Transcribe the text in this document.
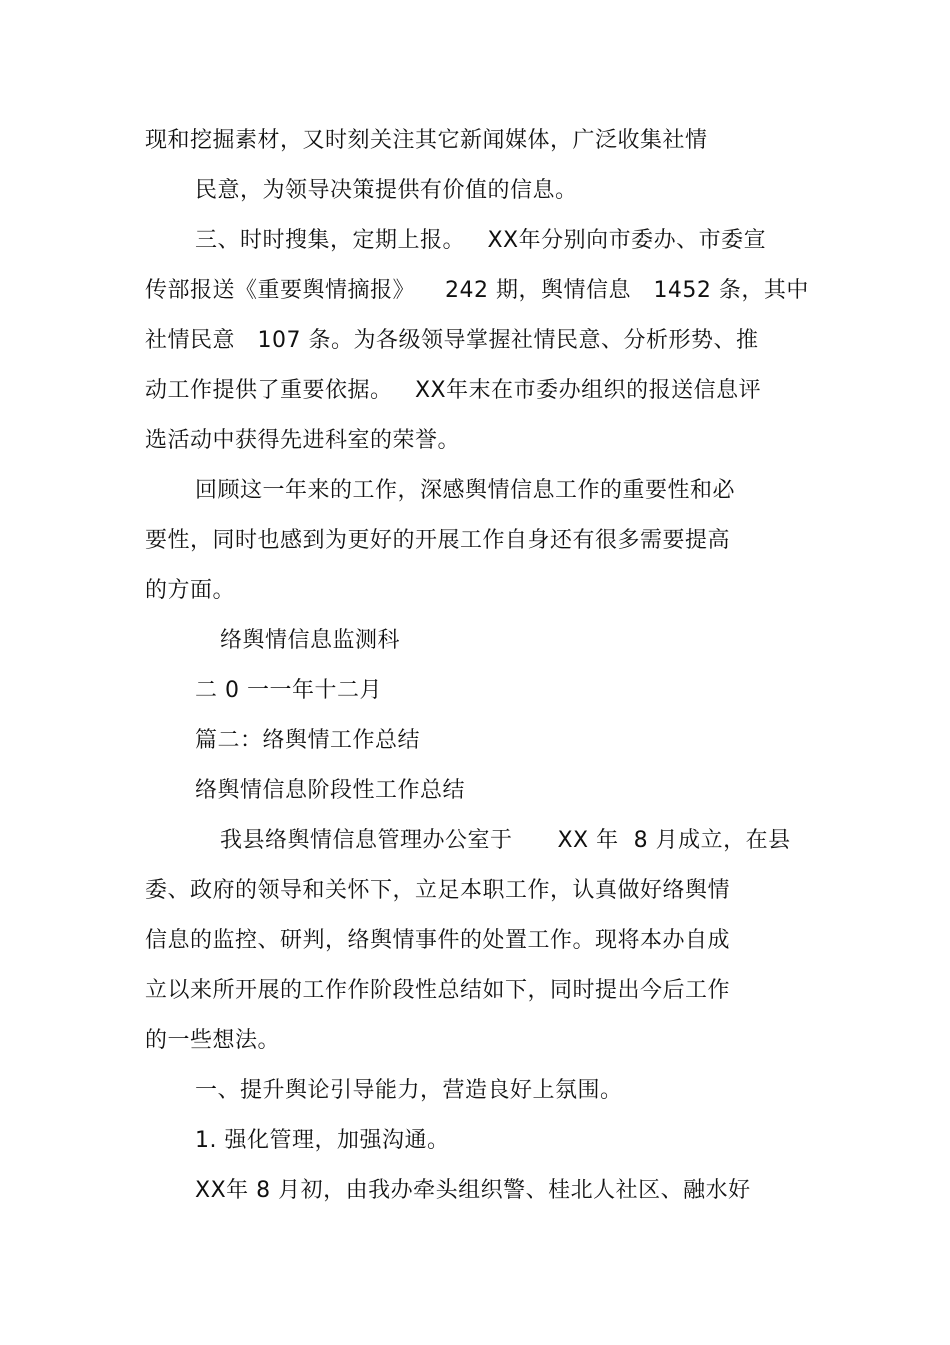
现和挖掘素材，又时刻关注其它新闻媒体，广泛收集社情
民意，为领导决策提供有价值的信息。
三、时时搜集，定期上报。   XX年分别向市委办、市委宣
传部报送《重要舆情摘报》    242 期，舆情信息   1452 条，其中
社情民意   107 条。为各级领导掌握社情民意、分析形势、推
动工作提供了重要依据。   XX年末在市委办组织的报送信息评
选活动中获得先进科室的荣誉。
回顾这一年来的工作，深感舆情信息工作的重要性和必
要性，同时也感到为更好的开展工作自身还有很多需要提高
的方面。
络舆情信息监测科
二 0 一一年十二月
篇二：络舆情工作总结
络舆情信息阶段性工作总结
我县络舆情信息管理办公室于      XX 年  8 月成立，在县
委、政府的领导和关怀下，立足本职工作，认真做好络舆情
信息的监控、研判，络舆情事件的处置工作。现将本办自成
立以来所开展的工作作阶段性总结如下，同时提出今后工作
的一些想法。
一、提升舆论引导能力，营造良好上氛围。
1. 强化管理，加强沟通。
XX年 8 月初，由我办牵头组织警、桂北人社区、融水好
